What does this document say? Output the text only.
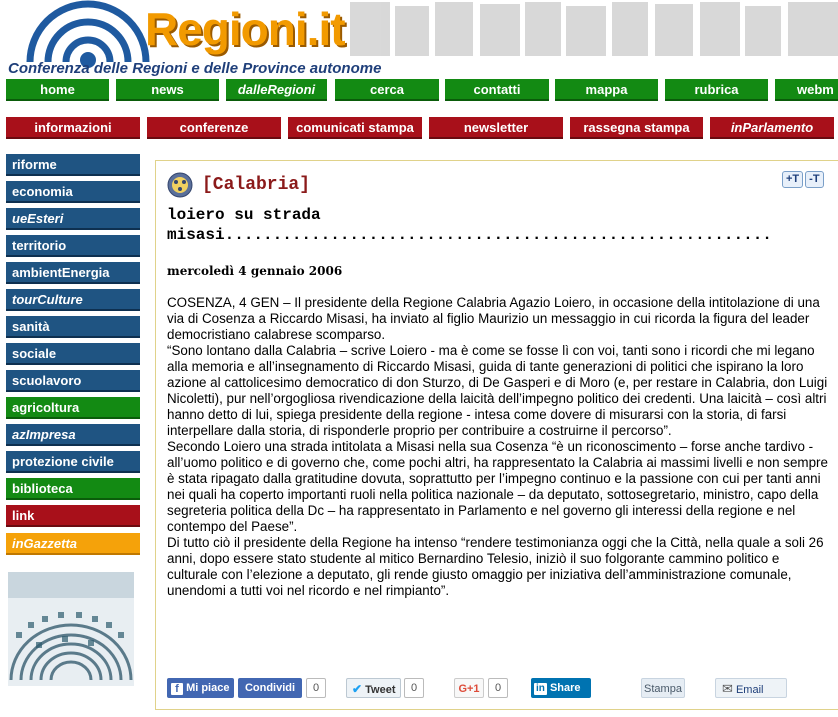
Regioni.it
Conferenza delle Regioni e delle Province autonome
home	news	dalleRegioni	cerca	contatti	mappa	rubrica	webm
informazioni	conferenze	comunicati stampa	newsletter	rassegna stampa	inParlamento
riforme
economia
ueEsteri
territorio
ambientEnergia
tourCulture
sanità
sociale
scuolavoro
agricoltura
azImpresa
protezione civile
biblioteca
link
inGazzetta
[Calabria]	+T -T
loiero su strada
misasi.........................................................
mercoledì 4 gennaio 2006

COSENZA, 4 GEN – Il presidente della Regione Calabria Agazio Loiero, in occasione della intitolazione di una via di Cosenza a Riccardo Misasi, ha inviato al figlio Maurizio un messaggio in cui ricorda la figura del leader democristiano calabrese scomparso.

“Sono lontano dalla Calabria – scrive Loiero - ma è come se fosse lì con voi, tanti sono i ricordi che mi legano alla memoria e all’insegnamento di Riccardo Misasi, guida di tante generazioni di politici che ispirano la loro azione al cattolicesimo democratico di don Sturzo, di De Gasperi e di Moro (e, per restare in Calabria, don Luigi Nicoletti), pur nell’orgogliosa rivendicazione della laicità dell’impegno politico dei credenti. Una laicità – così altri hanno detto di lui, spiega presidente della regione - intesa come dovere di misurarsi con la storia, di farsi interpellare dalla storia, di risponderle proprio per contribuire a costruirne il percorso”.

Secondo Loiero una strada intitolata a Misasi nella sua Cosenza “è un riconoscimento – forse anche tardivo - all’uomo politico e di governo che, come pochi altri, ha rappresentato la Calabria ai massimi livelli e non sempre è stata ripagato dalla gratitudine dovuta, soprattutto per l’impegno continuo e la passione con cui per tanti anni nei quali ha coperto importanti ruoli nella politica nazionale – da deputato, sottosegretario, ministro, capo della segreteria politica della Dc – ha rappresentato in Parlamento e nel governo gli interessi della regione e nel contempo del Paese”.

Di tutto ciò il presidente della Regione ha intenso “rendere testimonianza oggi che la Città, nella quale a soli 26 anni, dopo essere stato studente al mitico Bernardino Telesio, iniziò il suo folgorante cammino politico e culturale con l’elezione a deputato, gli rende giusto omaggio per iniziativa dell’amministrazione comunale, unendomi a tutti voi nel ricordo e nel rimpianto”.

f Mi piace	Condividi	0	✔ Tweet	0	G+1	0	in Share	Stampa	✉ Email
